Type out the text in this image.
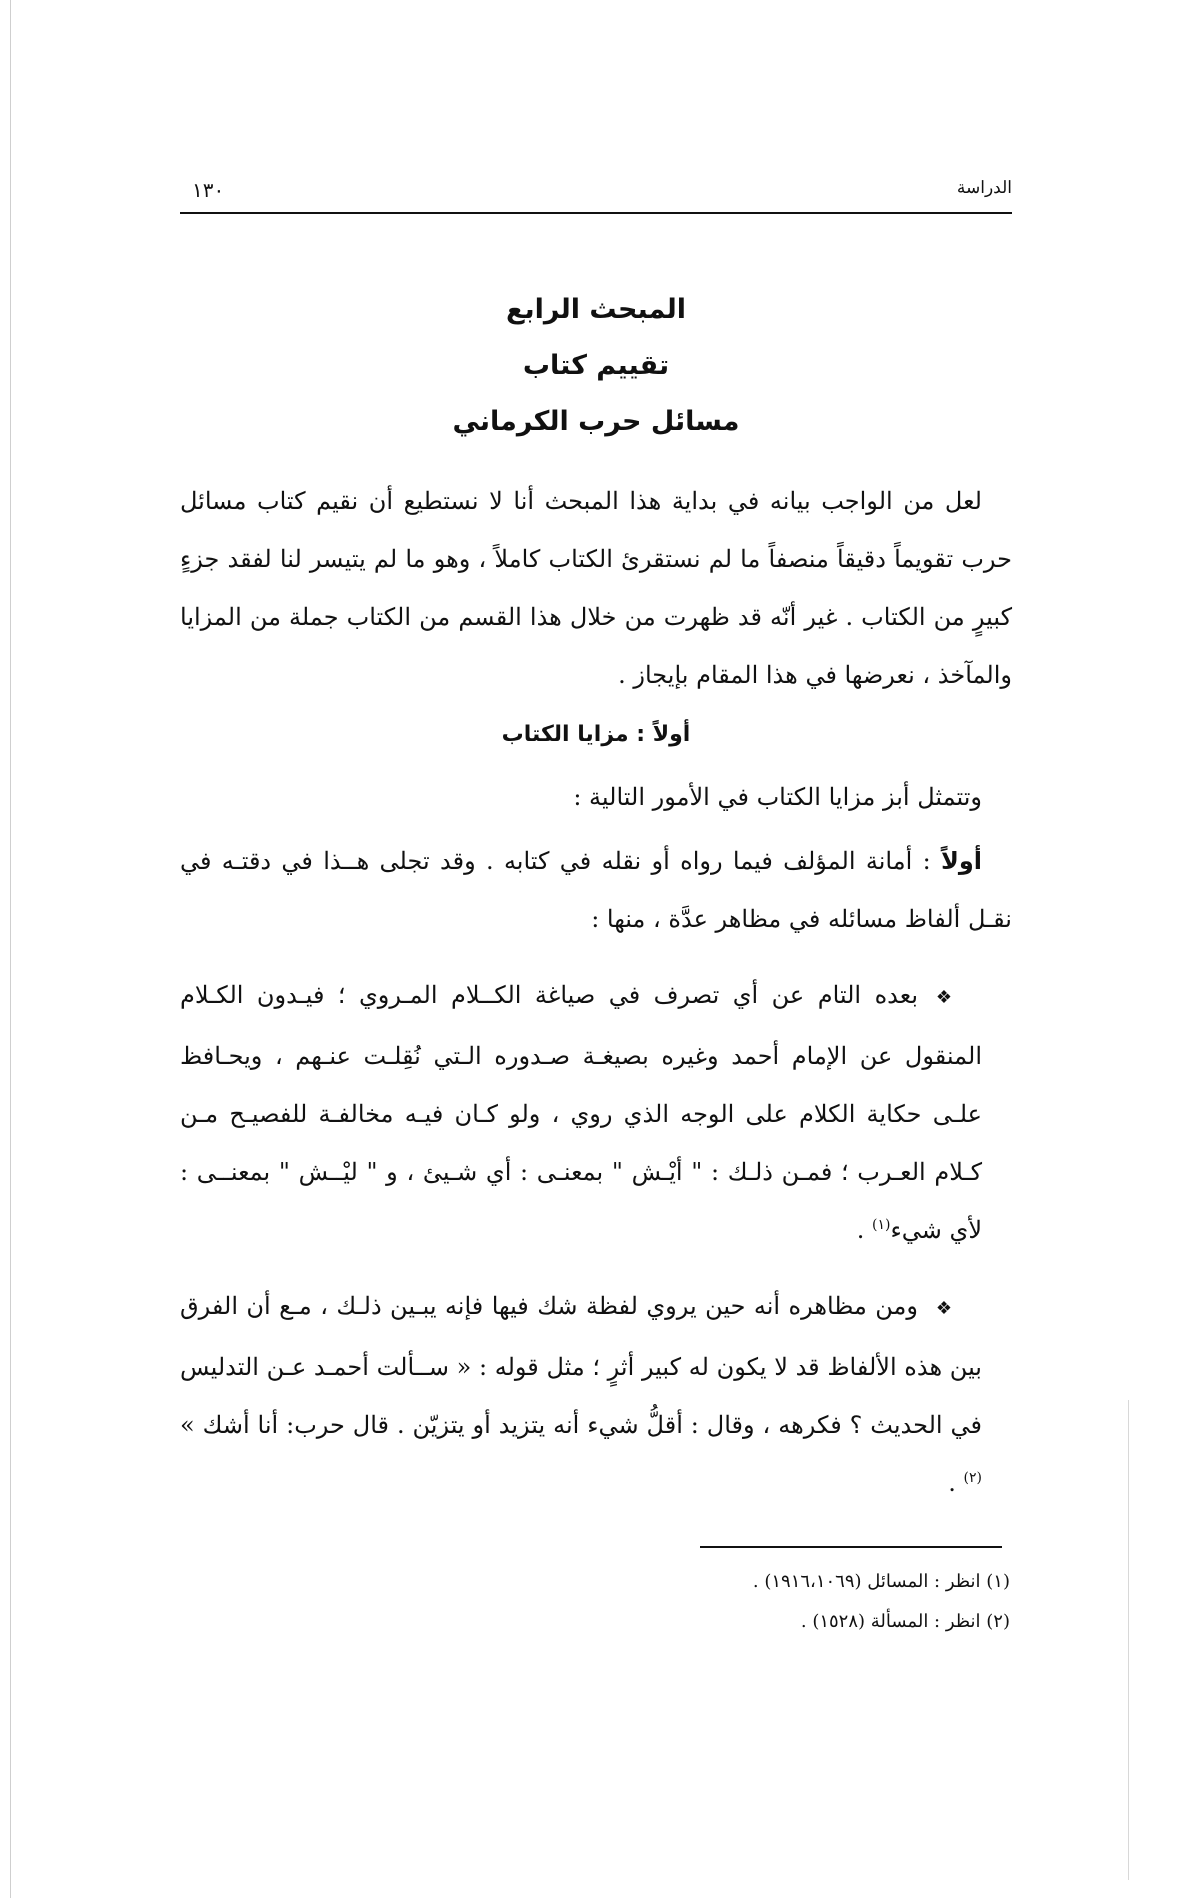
الدراسة
١٣٠
المبحث الرابع
تقييم كتاب
مسائل حرب الكرماني

لعل من الواجب بيانه في بداية هذا المبحث أنا لا نستطيع أن نقيم كتاب مسائل حرب تقويماً دقيقاً منصفاً ما لم نستقرئ الكتاب كاملاً ، وهو ما لم يتيسر لنا لفقد جزءٍ كبيرٍ من الكتاب . غير أنّه قد ظهرت من خلال هذا القسم من الكتاب جملة من المزايا والمآخذ ، نعرضها في هذا المقام بإيجاز .

أولاً : مزايا الكتاب

وتتمثل أبز مزايا الكتاب في الأمور التالية :

أولاً : أمانة المؤلف فيما رواه أو نقله في كتابه . وقد تجلى هــذا في دقتـه في نقـل ألفاظ مسائله في مظاهر عدَّة ، منها :

❖بعده التام عن أي تصرف في صياغة الكــلام المـروي ؛ فيـدون الكـلام المنقول عن الإمام أحمد وغيره بصيغـة صـدوره الـتي نُقِلـت عنـهم ، ويحـافظ علـى حكاية الكلام على الوجه الذي روي ، ولو كـان فيـه مخالفـة للفصيـح مـن كـلام العـرب ؛ فمـن ذلـك : " أيْـش " بمعنـى : أي شـيئ ، و " ليْــش " بمعنــى : لأي شيء$^{(١)}$ .

❖ومن مظاهره أنه حين يروي لفظة شك فيها فإنه يبـين ذلـك ، مـع أن الفرق بين هذه الألفاظ قد لا يكون له كبير أثرٍ ؛ مثل قوله : « ســألت أحمـد عـن التدليس في الحديث ؟ فكرهه ، وقال : أقلُّ شيء أنه يتزيد أو يتزيّن . قال حرب: أنا أشك » $^{(٢)}$ .

(١) انظر : المسائل (١٩١٦،١٠٦٩) .
(٢) انظر : المسألة (١٥٢٨) .
